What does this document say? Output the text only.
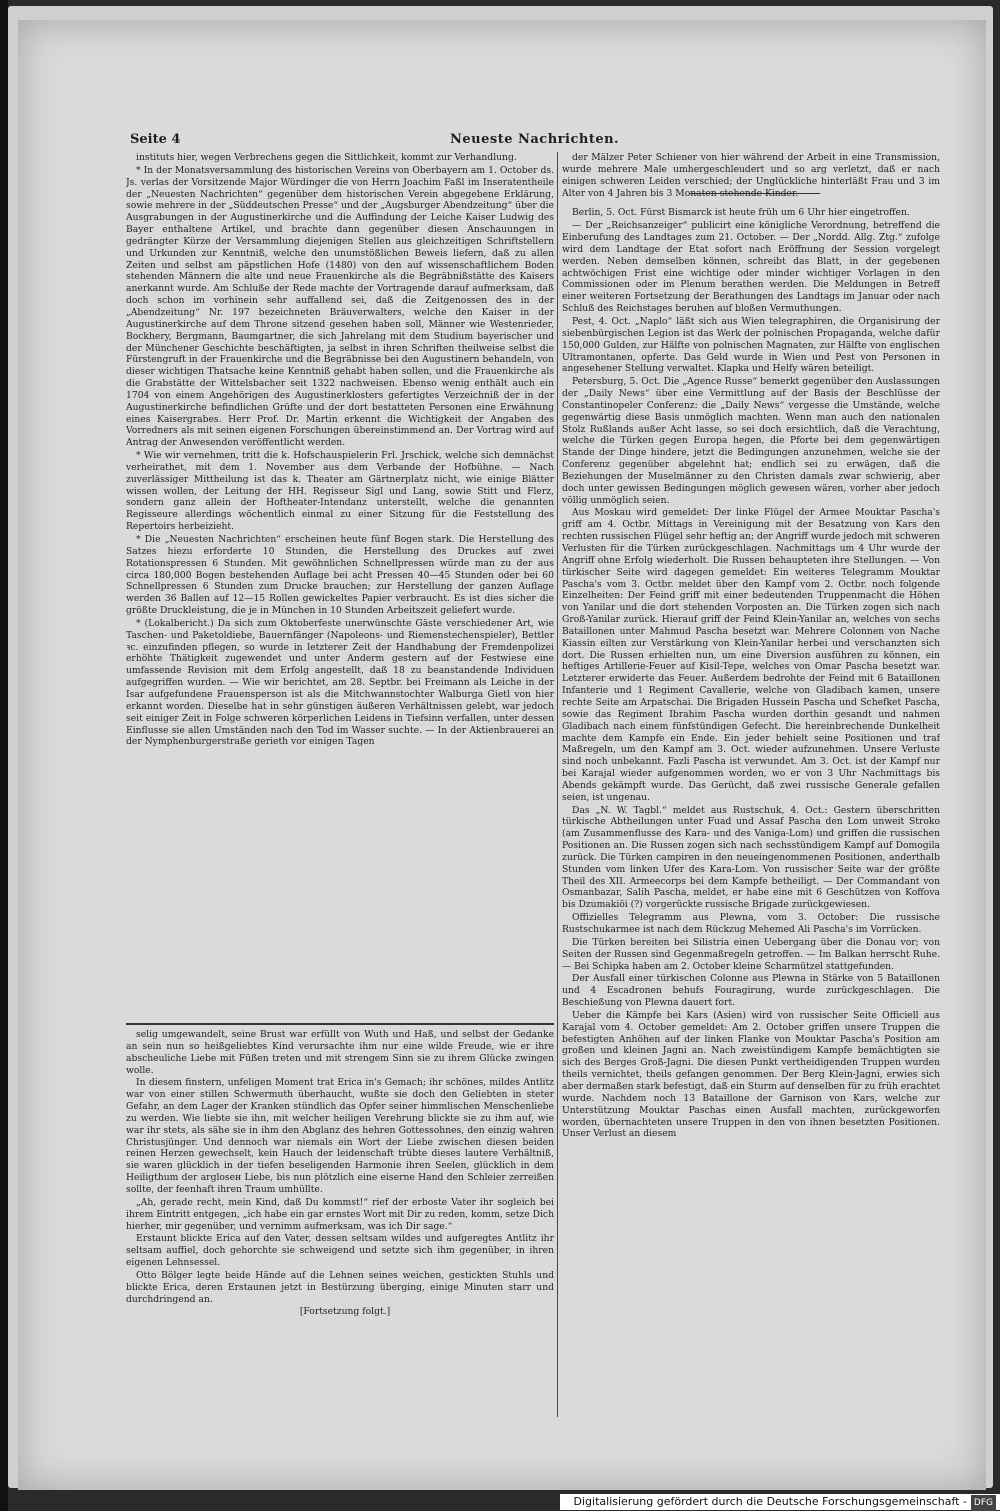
Seite 4	Neueste Nachrichten.

instituts hier, wegen Verbrechens gegen die Sittlichkeit, kommt zur Verhandlung.

* In der Monatsversammlung des historischen Vereins von Oberbayern am 1. October ds. Js. verlas der Vorsitzende Major Würdinger die von Herrn Joachim Faßl im Inseratentheile der „Neuesten Nachrichten“ gegenüber dem historischen Verein abgegebene Erklärung, sowie mehrere in der „Süddeutschen Presse“ und der „Augsburger Abendzeitung“ über die Ausgrabungen in der Augustinerkirche und die Auffindung der Leiche Kaiser Ludwig des Bayer enthaltene Artikel, und brachte dann gegenüber diesen Anschauungen in gedrängter Kürze der Versammlung diejenigen Stellen aus gleichzeitigen Schriftstellern und Urkunden zur Kenntniß, welche den unumstößlichen Beweis liefern, daß zu allen Zeiten und selbst am päpstlichen Hofe (1480) von den auf wissenschaftlichem Boden stehenden Männern die alte und neue Frauenkirche als die Begräbnißstätte des Kaisers anerkannt wurde. Am Schluße der Rede machte der Vortragende darauf aufmerksam, daß doch schon im vorhinein sehr auffallend sei, daß die Zeitgenossen des in der „Abendzeitung“ Nr. 197 bezeichneten Bräuverwalters, welche den Kaiser in der Augustinerkirche auf dem Throne sitzend gesehen haben soll, Männer wie Westenrieder, Bockhery, Bergmann, Baumgartner, die sich Jahrelang mit dem Studium bayerischer und der Münchener Geschichte beschäftigten, ja selbst in ihren Schriften theilweise selbst die Fürstengruft in der Frauenkirche und die Begräbnisse bei den Augustinern behandeln, von dieser wichtigen Thatsache keine Kenntniß gehabt haben sollen, und die Frauenkirche als die Grabstätte der Wittelsbacher seit 1322 nachweisen. Ebenso wenig enthält auch ein 1704 von einem Angehörigen des Augustinerklosters gefertigtes Verzeichniß der in der Augustinerkirche befindlichen Grüfte und der dort bestatteten Personen eine Erwähnung eines Kaisergrabes. Herr Prof. Dr. Martin erkennt die Wichtigkeit der Angaben des Vorredners als mit seinen eigenen Forschungen übereinstimmend an. Der Vortrag wird auf Antrag der Anwesenden veröffentlicht werden.

* Wie wir vernehmen, tritt die k. Hofschauspielerin Frl. Jrschick, welche sich demnächst verheirathet, mit dem 1. November aus dem Verbande der Hofbühne. — Nach zuverlässiger Mittheilung ist das k. Theater am Gärtnerplatz nicht, wie einige Blätter wissen wollen, der Leitung der HH. Regisseur Sigl und Lang, sowie Stitt und Flerz, sondern ganz allein der Hoftheater-Intendanz unterstellt, welche die genannten Regisseure allerdings wöchentlich einmal zu einer Sitzung für die Feststellung des Repertoirs herbeizieht.

* Die „Neuesten Nachrichten“ erscheinen heute fünf Bogen stark. Die Herstellung des Satzes hiezu erforderte 10 Stunden, die Herstellung des Druckes auf zwei Rotationspressen 6 Stunden. Mit gewöhnlichen Schnellpressen würde man zu der aus circa 180,000 Bogen bestehenden Auflage bei acht Pressen 40—45 Stunden oder bei 60 Schnellpressen 6 Stunden zum Drucke brauchen; zur Herstellung der ganzen Auflage werden 36 Ballen auf 12—15 Rollen gewickeltes Papier verbraucht. Es ist dies sicher die größte Druckleistung, die je in München in 10 Stunden Arbeitszeit geliefert wurde.

* (Lokalbericht.) Da sich zum Oktoberfeste unerwünschte Gäste verschiedener Art, wie Taschen- und Paketoldiebe, Bauernfänger (Napoleons- und Riemenstechenspieler), Bettler ꝛc. einzufinden pflegen, so wurde in letzterer Zeit der Handhabung der Fremdenpolizei erhöhte Thätigkeit zugewendet und unter Anderm gestern auf der Festwiese eine umfassende Revision mit dem Erfolg angestellt, daß 18 zu beanstandende Individuen aufgegriffen wurden. — Wie wir berichtet, am 28. Septbr. bei Freimann als Leiche in der Isar aufgefundene Frauensperson ist als die Mitchwannstochter Walburga Gietl von hier erkannt worden. Dieselbe hat in sehr günstigen äußeren Verhältnissen gelebt, war jedoch seit einiger Zeit in Folge schweren körperlichen Leidens in Tiefsinn verfallen, unter dessen Einflusse sie allen Umständen nach den Tod im Wasser suchte. — In der Aktienbrauerei an der Nymphenburgerstraße gerieth vor einigen Tagen

selig umgewandelt, seine Brust war erfüllt von Wuth und Haß, und selbst der Gedanke an sein nun so heißgeliebtes Kind verursachte ihm nur eine wilde Freude, wie er ihre abscheuliche Liebe mit Füßen treten und mit strengem Sinn sie zu ihrem Glücke zwingen wolle.

In diesem finstern, unfeligen Moment trat Erica in's Gemach; ihr schönes, mildes Antlitz war von einer stillen Schwermuth überhaucht, wußte sie doch den Geliebten in steter Gefahr, an dem Lager der Kranken stündlich das Opfer seiner himmlischen Menschenliebe zu werden. Wie liebte sie ihn, mit welcher heiligen Verehrung blickte sie zu ihm auf, wie war ihr stets, als sähe sie in ihm den Abglanz des hehren Gottessohnes, den einzig wahren Christusjünger. Und dennoch war niemals ein Wort der Liebe zwischen diesen beiden reinen Herzen gewechselt, kein Hauch der leidenschaft trübte dieses lautere Verhältniß, sie waren glücklich in der tiefen beseligenden Harmonie ihren Seelen, glücklich in dem Heiligthum der argloseн Liebe, bis nun plötzlich eine eiserne Hand den Schleier zerreißen sollte, der feenhaft ihren Traum umhüllte.

„Ah, gerade recht, mein Kind, daß Du kommst!“ rief der erboste Vater ihr sogleich bei ihrem Eintritt entgegen, „ich habe ein gar ernstes Wort mit Dir zu reden, komm, setze Dich hierher, mir gegenüber, und vernimm aufmerksam, was ich Dir sage.“

Erstaunt blickte Erica auf den Vater, dessen seltsam wildes und aufgeregtes Antlitz ihr seltsam auffiel, doch gehorchte sie schweigend und setzte sich ihm gegenüber, in ihren eigenen Lehnsessel.

Otto Bölger legte beide Hände auf die Lehnen seines weichen, gestickten Stuhls und blickte Erica, deren Erstaunen jetzt in Bestürzung überging, einige Minuten starr und durchdringend an.

[Fortsetzung folgt.]

der Mälzer Peter Schiener von hier während der Arbeit in eine Transmission, wurde mehrere Male umhergeschleudert und so arg verletzt, daß er nach einigen schweren Leiden verschied; der Unglückliche hinterläßt Frau und 3 im Alter von 4 Jahren bis 3 Monaten stehende Kinder.

Berlin, 5. Oct. Fürst Bismarck ist heute früh um 6 Uhr hier eingetroffen.

— Der „Reichsanzeiger“ publicirt eine königliche Verordnung, betreffend die Einberufung des Landtages zum 21. October. — Der „Nordd. Allg. Ztg.“ zufolge wird dem Landtage der Etat sofort nach Eröffnung der Session vorgelegt werden. Neben demselben können, schreibt das Blatt, in der gegebenen achtwöchigen Frist eine wichtige oder minder wichtiger Vorlagen in den Commissionen oder im Plenum berathen werden. Die Meldungen in Betreff einer weiteren Fortsetzung der Berathungen des Landtags im Januar oder nach Schluß des Reichstages beruhen auf bloßen Vermuthungen.

Pest, 4. Oct. „Naplo“ läßt sich aus Wien telegraphiren, die Organisirung der siebenbürgischen Legion ist das Werk der polnischen Propaganda, welche dafür 150,000 Gulden, zur Hälfte von polnischen Magnaten, zur Hälfte von englischen Ultramontanen, opferte. Das Geld wurde in Wien und Pest von Personen in angesehener Stellung verwaltet. Klapka und Helfy wären beteiligt.

Petersburg, 5. Oct. Die „Agence Russe“ bemerkt gegenüber den Auslassungen der „Daily News“ über eine Vermittlung auf der Basis der Beschlüsse der Constantinopeler Conferenz: die „Daily News“ vergesse die Umstände, welche gegenwärtig diese Basis unmöglich machten. Wenn man auch den nationalen Stolz Rußlands außer Acht lasse, so sei doch ersichtlich, daß die Verachtung, welche die Türken gegen Europa hegen, die Pforte bei dem gegenwärtigen Stande der Dinge hindere, jetzt die Bedingungen anzunehmen, welche sie der Conferenz gegenüber abgelehnt hat; endlich sei zu erwägen, daß die Beziehungen der Muselmänner zu den Christen damals zwar schwierig, aber doch unter gewissen Bedingungen möglich gewesen wären, vorher aber jedoch völlig unmöglich seien.

Aus Moskau wird gemeldet: Der linke Flügel der Armee Mouktar Pascha's griff am 4. Octbr. Mittags in Vereinigung mit der Besatzung von Kars den rechten russischen Flügel sehr heftig an; der Angriff wurde jedoch mit schweren Verlusten für die Türken zurückgeschlagen. Nachmittags um 4 Uhr wurde der Angriff ohne Erfolg wiederholt. Die Russen behaupteten ihre Stellungen. — Von türkischer Seite wird dagegen gemeldet: Ein weiteres Telegramm Mouktar Pascha's vom 3. Octbr. meldet über den Kampf vom 2. Octbr. noch folgende Einzelheiten: Der Feind griff mit einer bedeutenden Truppenmacht die Höhen von Yanilar und die dort stehenden Vorposten an. Die Türken zogen sich nach Groß-Yanilar zurück. Hierauf griff der Feind Klein-Yanilar an, welches von sechs Bataillonen unter Mahmud Pascha besetzt war. Mehrere Colonnen von Nache Kiassin eilten zur Verstärkung von Klein-Yanilar herbei und verschanzten sich dort. Die Russen erhielten nun, um eine Diversion ausführen zu können, ein heftiges Artillerie-Feuer auf Kisil-Tepe, welches von Omar Pascha besetzt war. Letzterer erwiderte das Feuer. Außerdem bedrohte der Feind mit 6 Bataillonen Infanterie und 1 Regiment Cavallerie, welche von Gladibach kamen, unsere rechte Seite am Arpatschai. Die Brigaden Hussein Pascha und Schefket Pascha, sowie das Regiment Ibrahim Pascha wurden dorthin gesandt und nahmen Gladibach nach einem fünfstündigen Gefecht. Die hereinbrechende Dunkelheit machte dem Kampfe ein Ende. Ein jeder behielt seine Positionen und traf Maßregeln, um den Kampf am 3. Oct. wieder aufzunehmen. Unsere Verluste sind noch unbekannt. Fazli Pascha ist verwundet. Am 3. Oct. ist der Kampf nur bei Karajal wieder aufgenommen worden, wo er von 3 Uhr Nachmittags bis Abends gekämpft wurde. Das Gerücht, daß zwei russische Generale gefallen seien, ist ungenau.

Das „N. W. Tagbl.“ meldet aus Rustschuk, 4. Oct.: Gestern überschritten türkische Abtheilungen unter Fuad und Assaf Pascha den Lom unweit Stroko (am Zusammenflusse des Kara- und des Vaniga-Lom) und griffen die russischen Positionen an. Die Russen zogen sich nach sechsstündigem Kampf auf Domogila zurück. Die Türken campiren in den neueingenommenen Positionen, anderthalb Stunden vom linken Ufer des Kara-Lom. Von russischer Seite war der größte Theil des XII. Armeecorps bei dem Kampfe betheiligt. — Der Commandant von Osmanbazar, Salih Pascha, meldet, er habe eine mit 6 Geschützen von Koffova bis Dzumakiöi (?) vorgerückte russische Brigade zurückgewiesen.

Offizielles Telegramm aus Plewna, vom 3. October: Die russische Rustschukarmee ist nach dem Rückzug Mehemed Ali Pascha's im Vorrücken.

Die Türken bereiten bei Silistria einen Uebergang über die Donau vor; von Seiten der Russen sind Gegenmaßregeln getroffen. — Im Balkan herrscht Ruhe. — Bei Schipka haben am 2. October kleine Scharmützel stattgefunden.

Der Ausfall einer türkischen Colonne aus Plewna in Stärke von 5 Bataillonen und 4 Escadronen behufs Fouragirung, wurde zurückgeschlagen. Die Beschießung von Plewna dauert fort.

Ueber die Kämpfe bei Kars (Asien) wird von russischer Seite Officiell aus Karajal vom 4. October gemeldet: Am 2. October griffen unsere Truppen die befestigten Anhöhen auf der linken Flanke von Mouktar Pascha's Position am großen und kleinen Jagni an. Nach zweistündigem Kampfe bemächtigten sie sich des Berges Groß-Jagni. Die diesen Punkt vertheidigenden Truppen wurden theils vernichtet, theils gefangen genommen. Der Berg Klein-Jagni, erwies sich aber dermaßen stark befestigt, daß ein Sturm auf denselben für zu früh erachtet wurde. Nachdem noch 13 Bataillone der Garnison von Kars, welche zur Unterstützung Mouktar Paschas einen Ausfall machten, zurückgeworfen worden, übernachteten unsere Truppen in den von ihnen besetzten Positionen. Unser Verlust an diesem

Digitalisierung gefördert durch die Deutsche Forschungsgemeinschaft - DFG
